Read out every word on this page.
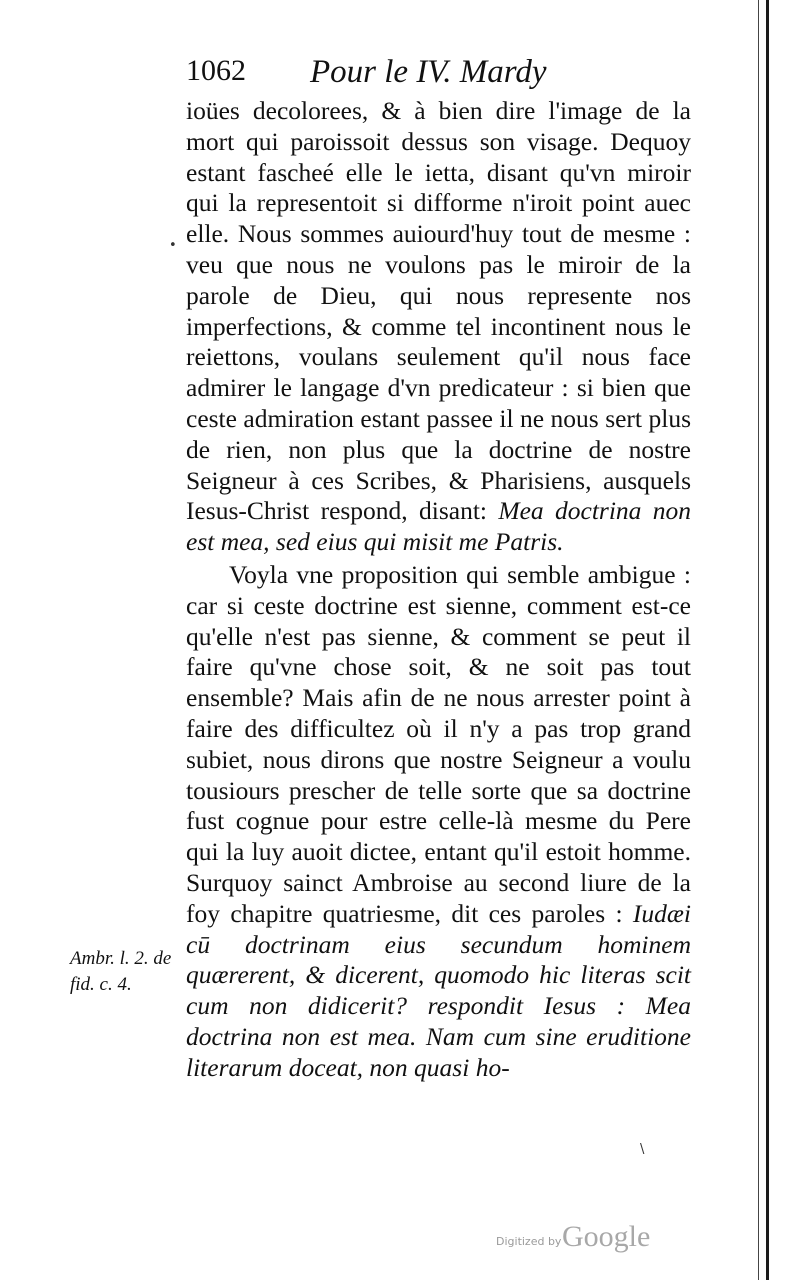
1062 Pour le IV. Mardy

ioües decolorees, & à bien dire l'image de la mort qui paroissoit dessus son visage. Dequoy estant fascheé elle le ietta, disant qu'vn miroir qui la representoit si difforme n'iroit point auec elle. Nous sommes auiourd'huy tout de mesme : veu que nous ne voulons pas le miroir de la parole de Dieu, qui nous represente nos imperfections, & comme tel incontinent nous le reiettons, voulans seulement qu'il nous face admirer le langage d'vn predicateur : si bien que ceste admiration estant passee il ne nous sert plus de rien, non plus que la doctrine de nostre Seigneur à ces Scribes, & Pharisiens, ausquels Iesus-Christ respond, disant: Mea doctrina non est mea, sed eius qui misit me Patris.

Voyla vne proposition qui semble ambigue : car si ceste doctrine est sienne, comment est-ce qu'elle n'est pas sienne, & comment se peut il faire qu'vne chose soit, & ne soit pas tout ensemble? Mais afin de ne nous arrester point à faire des difficultez où il n'y a pas trop grand subiet, nous dirons que nostre Seigneur a voulu tousiours prescher de telle sorte que sa doctrine fust cognue pour estre celle-là mesme du Pere qui la luy auoit dictee, entant qu'il estoit homme. Surquoy sainct Ambroise au second liure de la foy chapitre quatriesme, dit ces paroles : Iudæi cū doctrinam eius secundum hominem quærerent, & dicerent, quomodo hic literas scit cum non didicerit? respondit Iesus : Mea doctrina non est mea. Nam cum sine eruditione literarum doceat, non quasi ho-

Ambr. l. 2. de fid. c. 4.
•
\
Digitized by Google
